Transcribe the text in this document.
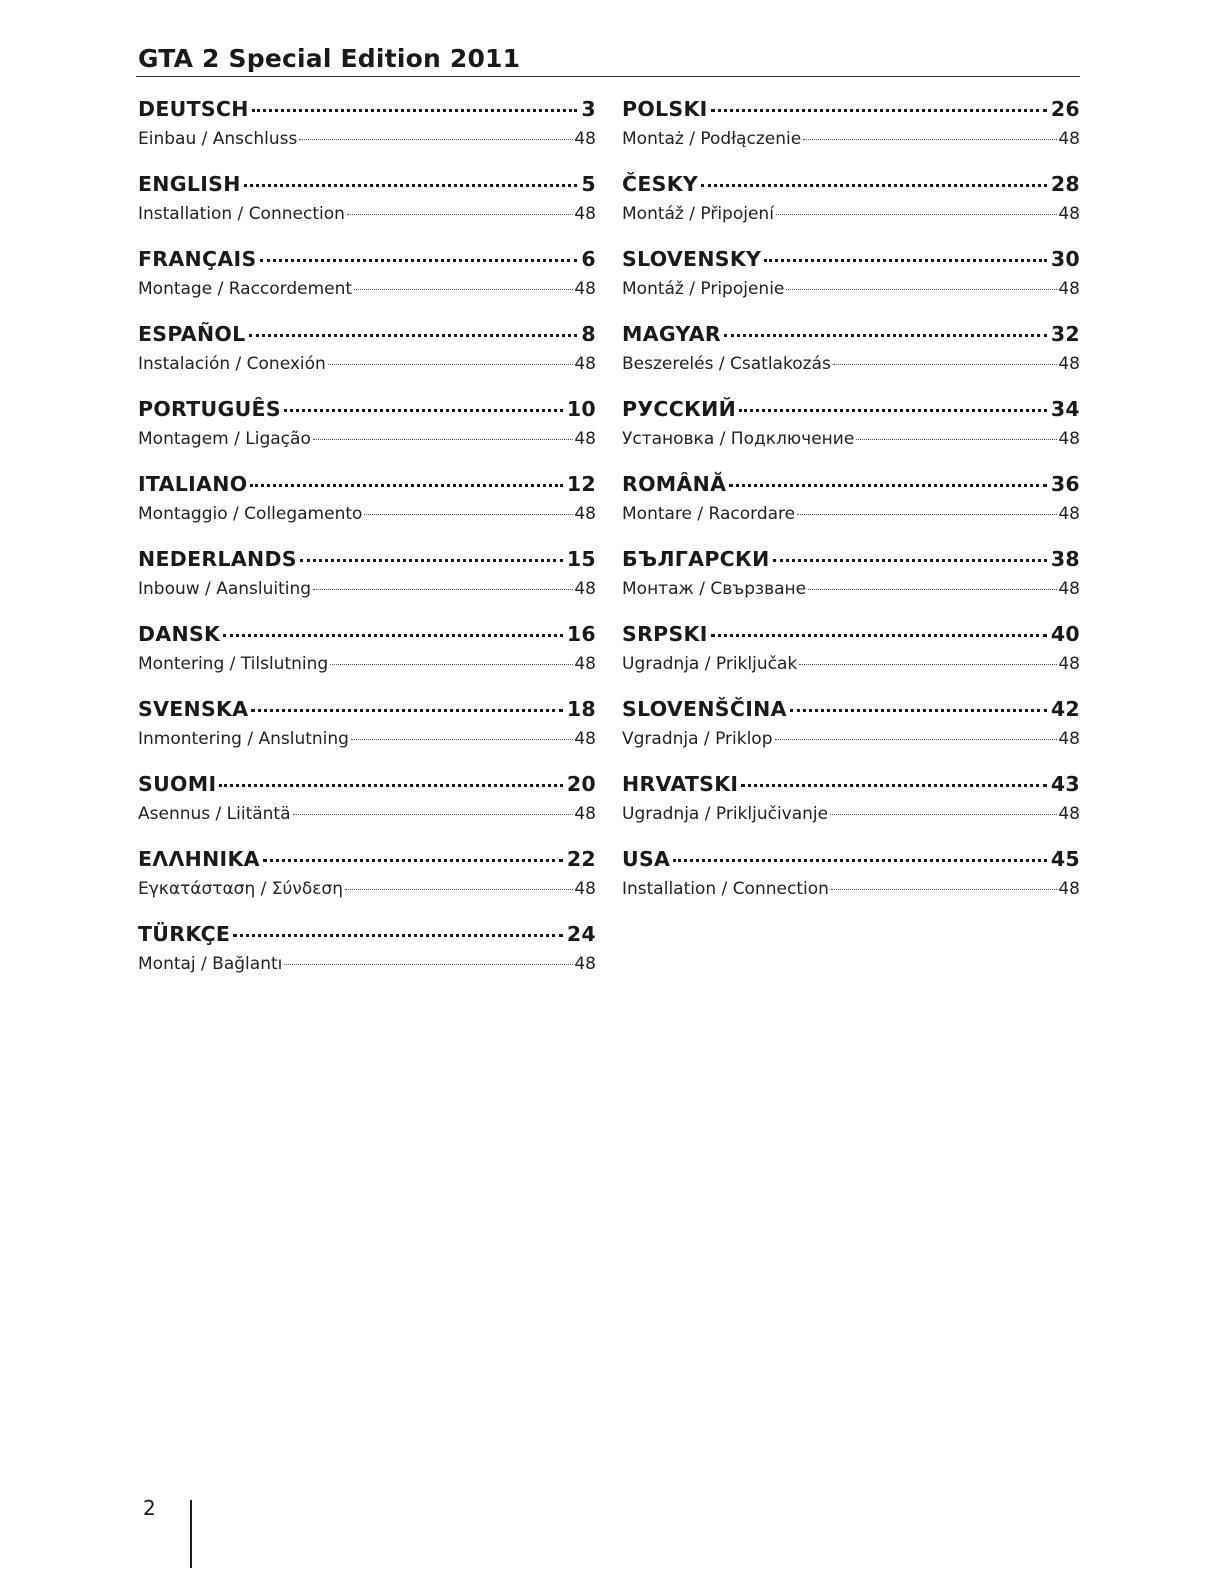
GTA 2 Special Edition 2011
DEUTSCH	3
Einbau / Anschluss	48
ENGLISH	5
Installation / Connection	48
FRANÇAIS	6
Montage / Raccordement	48
ESPAÑOL	8
Instalación / Conexión	48
PORTUGUÊS	10
Montagem / Ligação	48
ITALIANO	12
Montaggio / Collegamento	48
NEDERLANDS	15
Inbouw / Aansluiting	48
DANSK	16
Montering / Tilslutning	48
SVENSKA	18
Inmontering / Anslutning	48
SUOMI	20
Asennus / Liitäntä	48
ΕΛΛΗΝΙΚΑ	22
Εγκατάσταση / Σύνδεση	48
TÜRKÇE	24
Montaj / Bağlantı	48
POLSKI	26
Montaż / Podłączenie	48
ČESKY	28
Montáž / Připojení	48
SLOVENSKY	30
Montáž / Pripojenie	48
MAGYAR	32
Beszerelés / Csatlakozás	48
РУССКИЙ	34
Установка / Подключение	48
ROMÂNĂ	36
Montare / Racordare	48
БЪЛГАРСКИ	38
Монтаж / Свързване	48
SRPSKI	40
Ugradnja / Priključak	48
SLOVENŠČINA	42
Vgradnja / Priklop	48
HRVATSKI	43
Ugradnja / Priključivanje	48
USA	45
Installation / Connection	48
2
